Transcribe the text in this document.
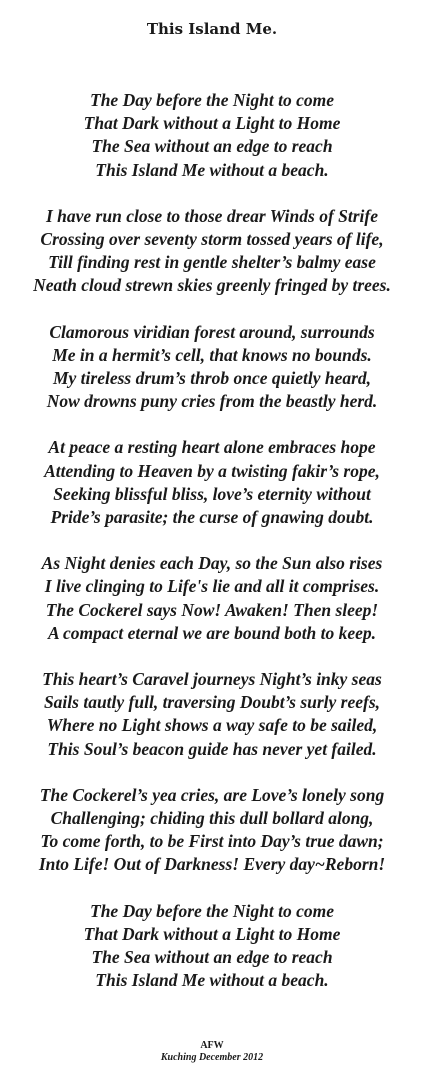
This Island Me.
The Day before the Night to come
That Dark without a Light to Home
The Sea without an edge to reach
This Island Me without a beach.
I have run close to those drear Winds of Strife
Crossing over seventy storm tossed years of life,
Till finding rest in gentle shelter’s balmy ease
Neath cloud strewn skies greenly fringed by trees.
Clamorous viridian forest around, surrounds
Me in a hermit’s cell, that knows no bounds.
My tireless drum’s throb once quietly heard,
Now drowns puny cries from the beastly herd.
At peace a resting heart alone embraces hope
Attending to Heaven by a twisting fakir’s rope,
Seeking blissful bliss, love’s eternity without
Pride’s parasite; the curse of gnawing doubt.
As Night denies each Day, so the Sun also rises
I live clinging to Life's lie and all it comprises.
The Cockerel says Now! Awaken! Then sleep!
A compact eternal we are bound both to keep.
This heart’s Caravel journeys Night’s inky seas
Sails tautly full, traversing Doubt’s surly reefs,
Where no Light shows a way safe to be sailed,
This Soul’s beacon guide has never yet failed.
The Cockerel’s yea cries, are Love’s lonely song
Challenging; chiding this dull bollard along,
To come forth, to be First into Day’s true dawn;
Into Life! Out of Darkness! Every day~Reborn!
The Day before the Night to come
That Dark without a Light to Home
The Sea without an edge to reach
This Island Me without a beach.
AFW
Kuching December 2012
